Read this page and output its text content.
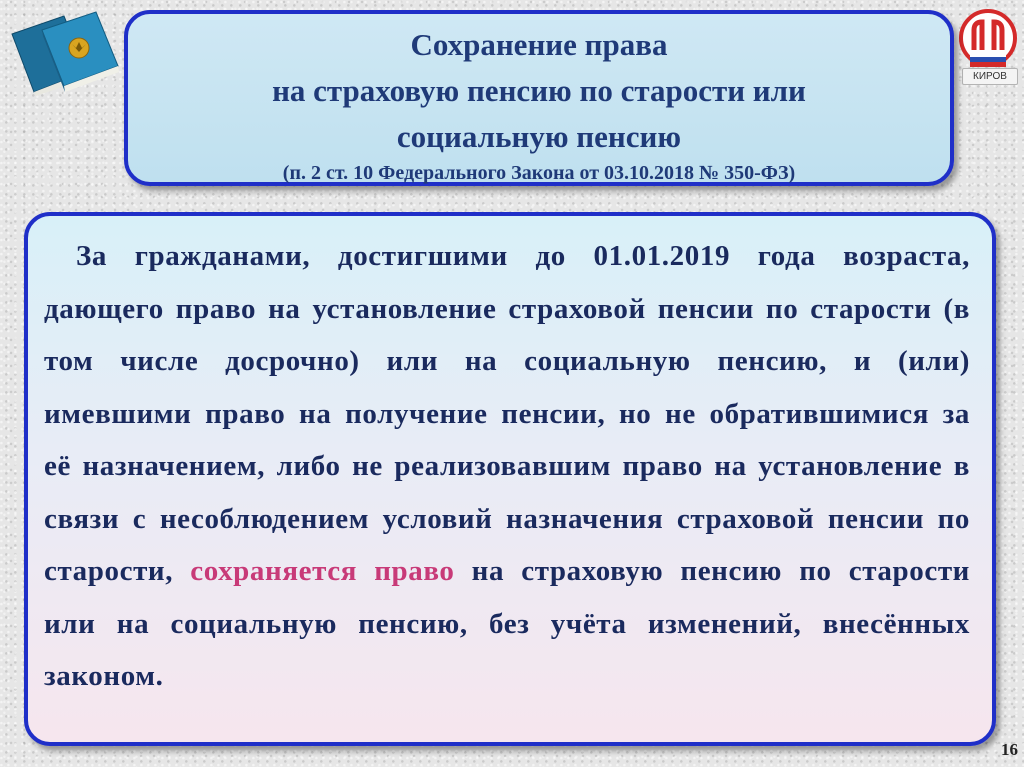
КИРОВ
Сохранение права
на страховую пенсию по старости или
социальную пенсию
(п. 2 ст. 10 Федерального Закона от 03.10.2018 № 350-ФЗ)

За гражданами, достигшими до 01.01.2019 года возраста, дающего право на установление страховой пенсии по старости (в том числе досрочно) или на социальную пенсию, и (или) имевшими право на получение пенсии, но не обратившимися за её назначением, либо не реализовавшим право на установление в связи с несоблюдением условий назначения страховой пенсии по старости, сохраняется право на страховую пенсию по старости или на социальную пенсию, без учёта изменений, внесённых законом.

16
